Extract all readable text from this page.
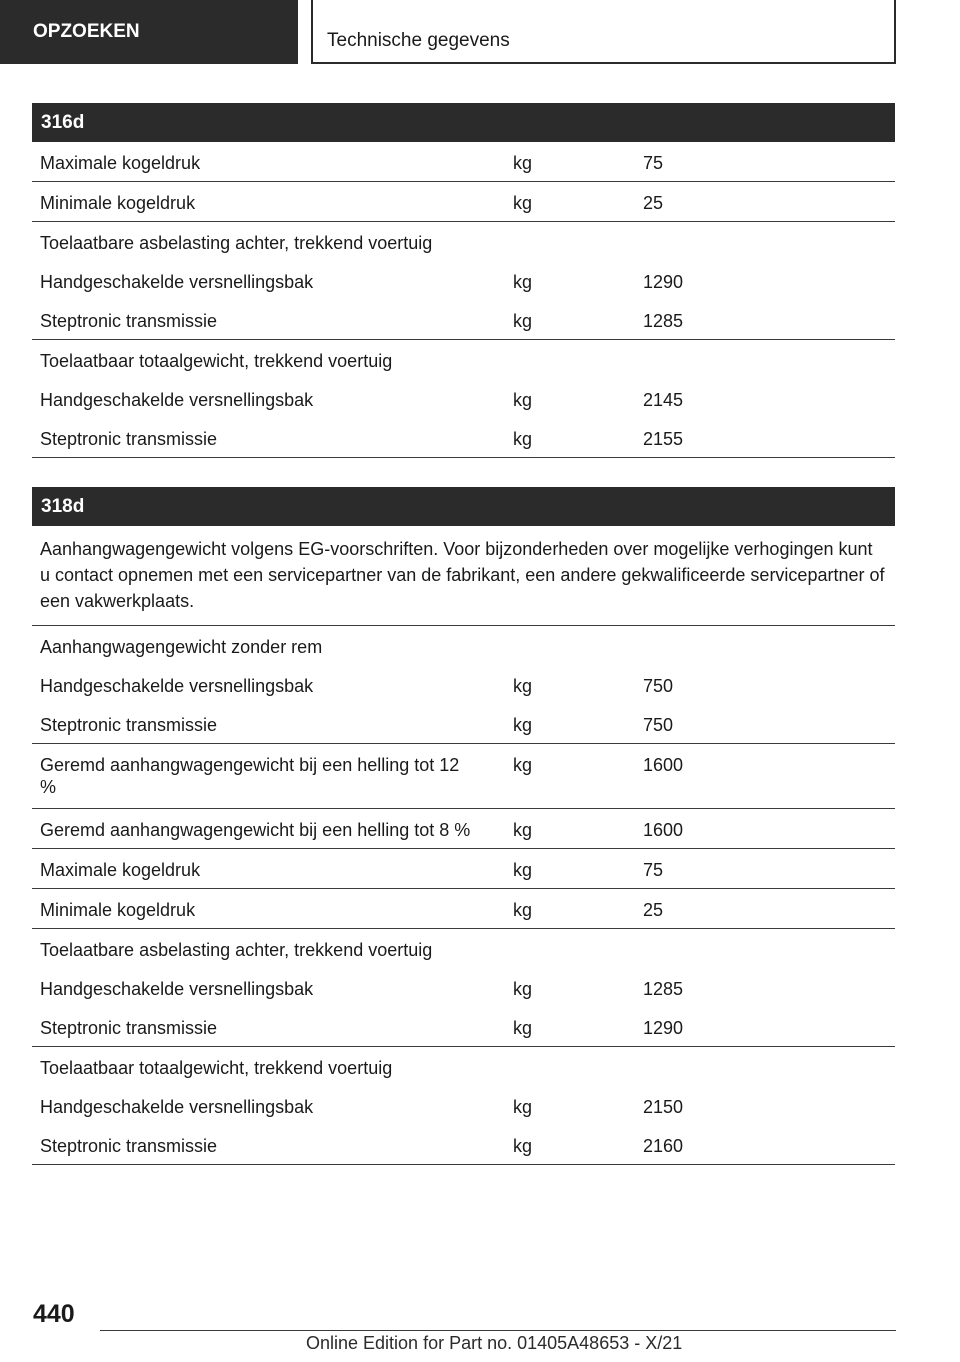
OPZOEKEN	Technische gegevens
316d
Maximale kogeldruk	kg	75
Minimale kogeldruk	kg	25
Toelaatbare asbelasting achter, trekkend voertuig
Handgeschakelde versnellingsbak	kg	1290
Steptronic transmissie	kg	1285
Toelaatbaar totaalgewicht, trekkend voertuig
Handgeschakelde versnellingsbak	kg	2145
Steptronic transmissie	kg	2155
318d
Aanhangwagengewicht volgens EG-voorschriften. Voor bijzonderheden over mogelijke verhogingen kunt u contact opnemen met een servicepartner van de fabrikant, een andere gekwalificeerde servicepartner of een vakwerkplaats.
Aanhangwagengewicht zonder rem
Handgeschakelde versnellingsbak	kg	750
Steptronic transmissie	kg	750
Geremd aanhangwagengewicht bij een helling tot 12 %
kg	1600
Geremd aanhangwagengewicht bij een helling tot 8 %	kg	1600
Maximale kogeldruk	kg	75
Minimale kogeldruk	kg	25
Toelaatbare asbelasting achter, trekkend voertuig
Handgeschakelde versnellingsbak	kg	1285
Steptronic transmissie	kg	1290
Toelaatbaar totaalgewicht, trekkend voertuig
Handgeschakelde versnellingsbak	kg	2150
Steptronic transmissie	kg	2160
440
Online Edition for Part no. 01405A48653 - X/21
